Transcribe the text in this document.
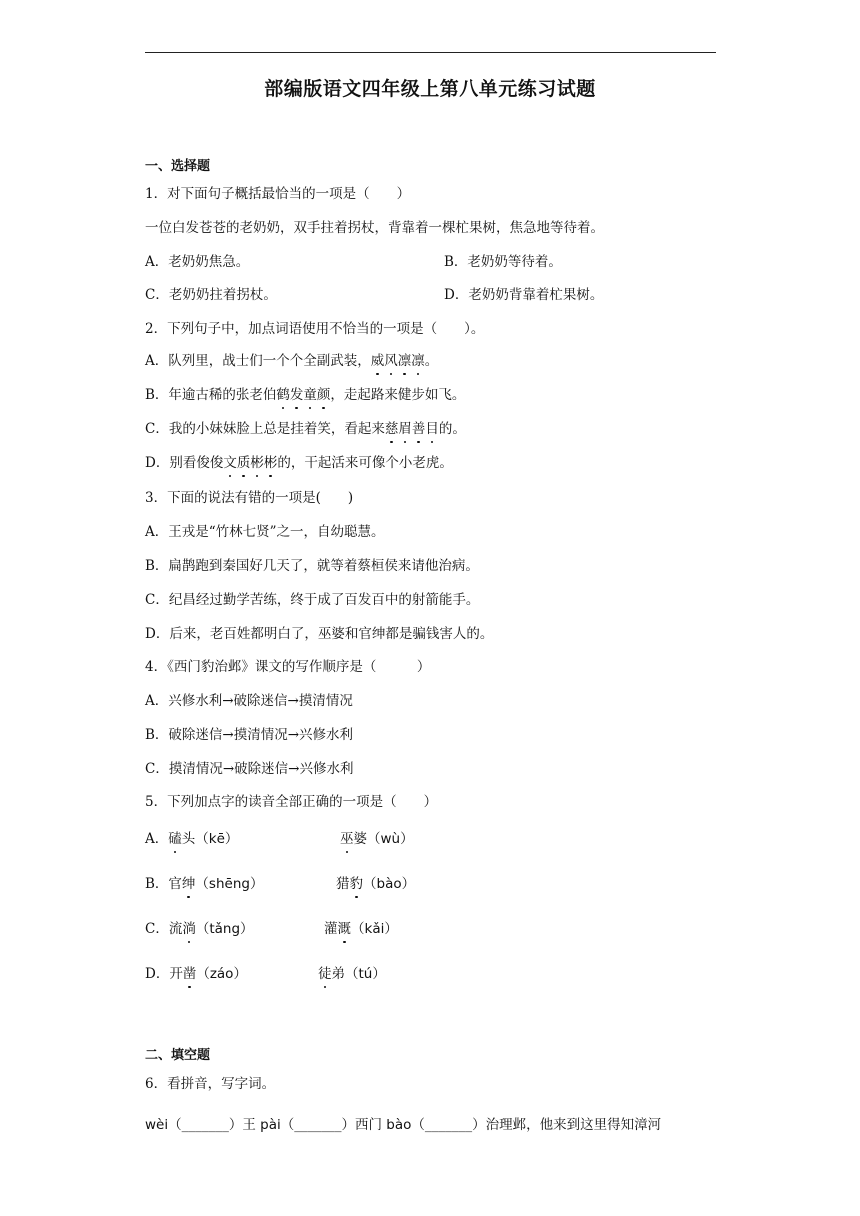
部编版语文四年级上第八单元练习试题
一、选择题
1．对下面句子概括最恰当的一项是（　　）
一位白发苍苍的老奶奶，双手拄着拐杖，背靠着一棵杧果树，焦急地等待着。
A．老奶奶焦急。	B．老奶奶等待着。
C．老奶奶拄着拐杖。	D．老奶奶背靠着杧果树。
2．下列句子中，加点词语使用不恰当的一项是（　　）。
A．队列里，战士们一个个全副武装，威风凛凛。
B．年逾古稀的张老伯鹤发童颜，走起路来健步如飞。
C．我的小妹妹脸上总是挂着笑，看起来慈眉善目的。
D．别看俊俊文质彬彬的，干起活来可像个小老虎。
3．下面的说法有错的一项是(　　)
A．王戎是“竹林七贤”之一，自幼聪慧。
B．扁鹊跑到秦国好几天了，就等着蔡桓侯来请他治病。
C．纪昌经过勤学苦练，终于成了百发百中的射箭能手。
D．后来，老百姓都明白了，巫婆和官绅都是骗钱害人的。
4．《西门豹治邺》课文的写作顺序是（　　　）
A．兴修水利→破除迷信→摸清情况
B．破除迷信→摸清情况→兴修水利
C．摸清情况→破除迷信→兴修水利
5．下列加点字的读音全部正确的一项是（　　）
A．磕头（kē）	巫婆（wù）
B．官绅（shēng）	猎豹（bào）
C．流淌（tǎng）	灌溉（kǎi）
D．开凿（záo）	徒弟（tú）
二、填空题
6．看拼音，写字词。
wèi（_______）王 pài（_______）西门 bào（_______）治理邺，他来到这里得知漳河
